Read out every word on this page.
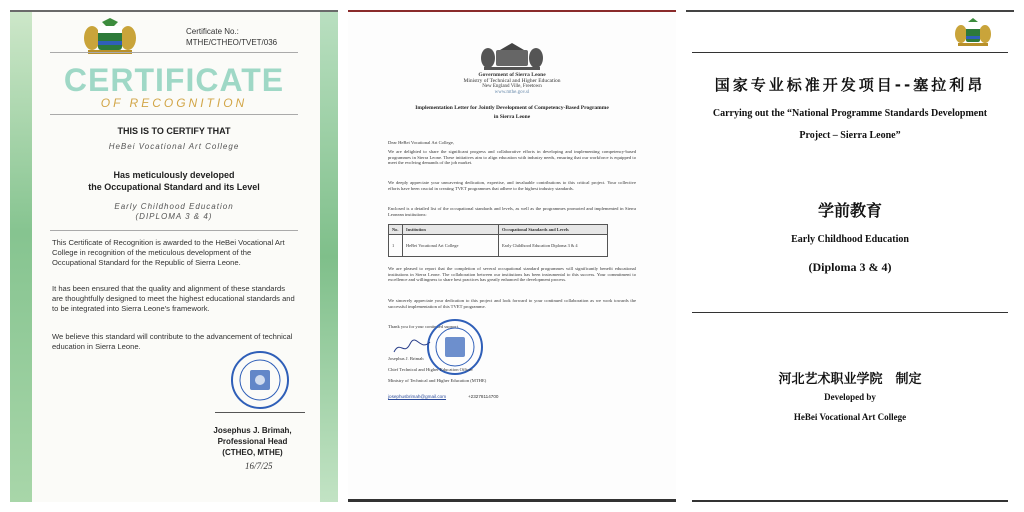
Certificate No.:
MTHE/CTHEO/TVET/036
CERTIFICATE
OF RECOGNITION
THIS IS TO CERTIFY THAT
HeBei Vocational Art College
Has meticulously developed
the Occupational Standard and its Level
Early Childhood Education
(DIPLOMA 3 & 4)

This Certificate of Recognition is awarded to the HeBei Vocational Art College in recognition of the meticulous development of the Occupational Standard for the Republic of Sierra Leone.

It has been ensured that the quality and alignment of these standards are thoughtfully designed to meet the highest educational standards and to be integrated into Sierra Leone's framework.

We believe this standard will contribute to the advancement of technical education in Sierra Leone.

Josephus J. Brimah,
Professional Head
(CTHEO, MTHE)
16/7/25
Government of Sierra Leone
Ministry of Technical and Higher Education
New England Ville, Freetown
www.mthe.gov.sl
Implementation Letter for Jointly Development of Competency-Based Programme
in Sierra Leone
Dear HeBei Vocational Art College,

We are delighted to share the significant progress and collaborative efforts in developing and implementing competency-based programmes in Sierra Leone. These initiatives aim to align education with industry needs, ensuring that our workforce is equipped to meet the evolving demands of the job market.

We deeply appreciate your unwavering dedication, expertise, and invaluable contributions to this critical project. Your collective efforts have been crucial in creating TVET programmes that adhere to the highest industry standards.

Enclosed is a detailed list of the occupational standards and levels, as well as the programmes promoted and implemented in Sierra Leonean institutions:

No.	Institution	Occupational Standards and Levels
1	HeBei Vocational Art College	Early Childhood Education Diploma 3 & 4

We are pleased to report that the completion of several occupational standard programmes will significantly benefit educational institutions in Sierra Leone. The collaboration between our institutions has been instrumental to this success. Your commitment to excellence and willingness to share best practices has greatly enhanced the development process.

We sincerely appreciate your dedication to this project and look forward to your continued collaboration as we work towards the successful implementation of this TVET programme.

Thank you for your continued support.
Josephus J. Brimah
Chief Technical and Higher Education Officer
Ministry of Technical and Higher Education (MTHE)
josephusbrimah@gmail.com	+23278114700
国家专业标准开发项目--塞拉利昂
Carrying out the “National Programme Standards Development
Project – Sierra Leone”
学前教育
Early Childhood Education
(Diploma 3 & 4)
河北艺术职业学院　制定
Developed by
HeBei Vocational Art College
